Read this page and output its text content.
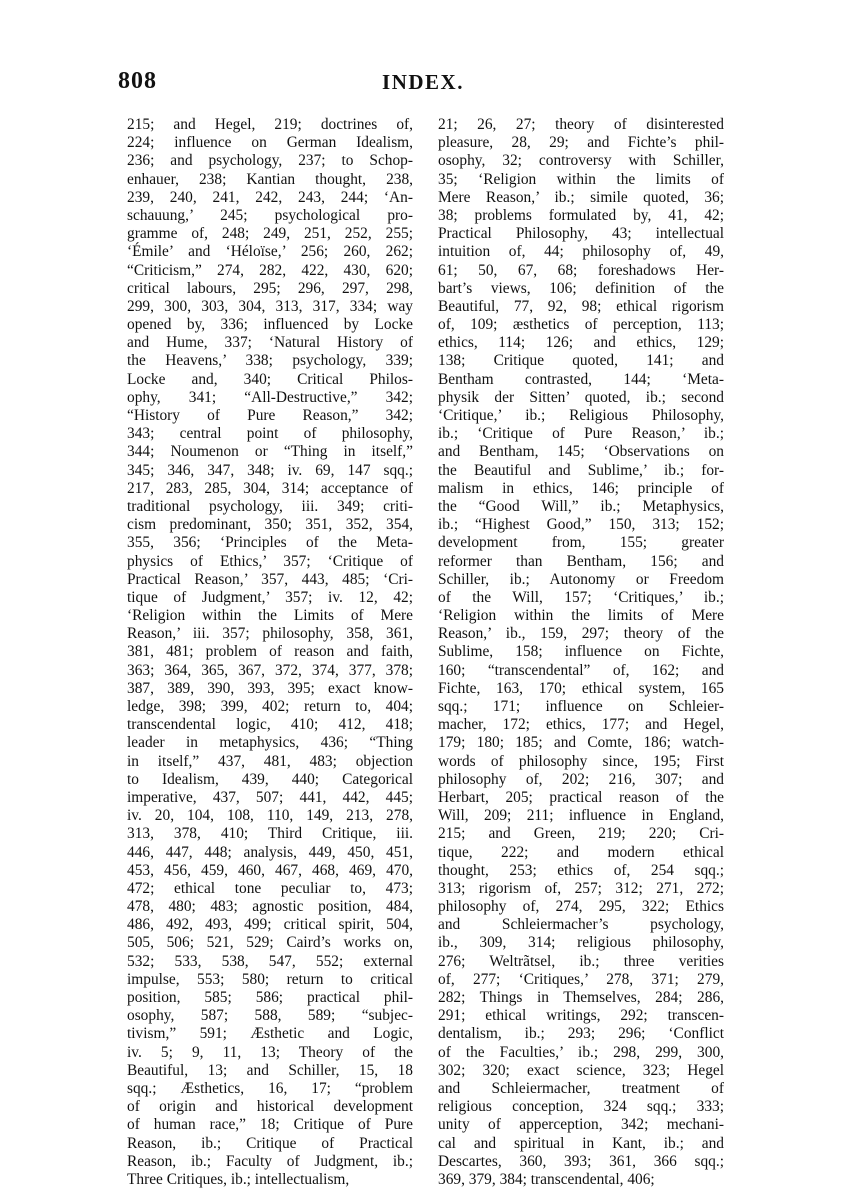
808	INDEX.
215; and Hegel, 219; doctrines of,
224; influence on German Idealism,
236; and psychology, 237; to Schop-
enhauer, 238; Kantian thought, 238,
239, 240, 241, 242, 243, 244; ‘An-
schauung,’ 245; psychological pro-
gramme of, 248; 249, 251, 252, 255;
‘Émile’ and ‘Héloïse,’ 256; 260, 262;
“Criticism,” 274, 282, 422, 430, 620;
critical labours, 295; 296, 297, 298,
299, 300, 303, 304, 313, 317, 334; way
opened by, 336; influenced by Locke
and Hume, 337; ‘Natural History of
the Heavens,’ 338; psychology, 339;
Locke and, 340; Critical Philos-
ophy, 341; “All-Destructive,” 342;
“History of Pure Reason,” 342;
343; central point of philosophy,
344; Noumenon or “Thing in itself,”
345; 346, 347, 348; iv. 69, 147 sqq.;
217, 283, 285, 304, 314; acceptance of
traditional psychology, iii. 349; criti-
cism predominant, 350; 351, 352, 354,
355, 356; ‘Principles of the Meta-
physics of Ethics,’ 357; ‘Critique of
Practical Reason,’ 357, 443, 485; ‘Cri-
tique of Judgment,’ 357; iv. 12, 42;
‘Religion within the Limits of Mere
Reason,’ iii. 357; philosophy, 358, 361,
381, 481; problem of reason and faith,
363; 364, 365, 367, 372, 374, 377, 378;
387, 389, 390, 393, 395; exact know-
ledge, 398; 399, 402; return to, 404;
transcendental logic, 410; 412, 418;
leader in metaphysics, 436; “Thing
in itself,” 437, 481, 483; objection
to Idealism, 439, 440; Categorical
imperative, 437, 507; 441, 442, 445;
iv. 20, 104, 108, 110, 149, 213, 278,
313, 378, 410; Third Critique, iii.
446, 447, 448; analysis, 449, 450, 451,
453, 456, 459, 460, 467, 468, 469, 470,
472; ethical tone peculiar to, 473;
478, 480; 483; agnostic position, 484,
486, 492, 493, 499; critical spirit, 504,
505, 506; 521, 529; Caird’s works on,
532; 533, 538, 547, 552; external
impulse, 553; 580; return to critical
position, 585; 586; practical phil-
osophy, 587; 588, 589; “subjec-
tivism,” 591; Æsthetic and Logic,
iv. 5; 9, 11, 13; Theory of the
Beautiful, 13; and Schiller, 15, 18
sqq.; Æsthetics, 16, 17; “problem
of origin and historical development
of human race,” 18; Critique of Pure
Reason, ib.; Critique of Practical
Reason, ib.; Faculty of Judgment, ib.;
Three Critiques, ib.; intellectualism,
21; 26, 27; theory of disinterested
pleasure, 28, 29; and Fichte’s phil-
osophy, 32; controversy with Schiller,
35; ‘Religion within the limits of
Mere Reason,’ ib.; simile quoted, 36;
38; problems formulated by, 41, 42;
Practical Philosophy, 43; intellectual
intuition of, 44; philosophy of, 49,
61; 50, 67, 68; foreshadows Her-
bart’s views, 106; definition of the
Beautiful, 77, 92, 98; ethical rigorism
of, 109; æsthetics of perception, 113;
ethics, 114; 126; and ethics, 129;
138; Critique quoted, 141; and
Bentham contrasted, 144; ‘Meta-
physik der Sitten’ quoted, ib.; second
‘Critique,’ ib.; Religious Philosophy,
ib.; ‘Critique of Pure Reason,’ ib.;
and Bentham, 145; ‘Observations on
the Beautiful and Sublime,’ ib.; for-
malism in ethics, 146; principle of
the “Good Will,” ib.; Metaphysics,
ib.; “Highest Good,” 150, 313; 152;
development from, 155; greater
reformer than Bentham, 156; and
Schiller, ib.; Autonomy or Freedom
of the Will, 157; ‘Critiques,’ ib.;
‘Religion within the limits of Mere
Reason,’ ib., 159, 297; theory of the
Sublime, 158; influence on Fichte,
160; “transcendental” of, 162; and
Fichte, 163, 170; ethical system, 165
sqq.; 171; influence on Schleier-
macher, 172; ethics, 177; and Hegel,
179; 180; 185; and Comte, 186; watch-
words of philosophy since, 195; First
philosophy of, 202; 216, 307; and
Herbart, 205; practical reason of the
Will, 209; 211; influence in England,
215; and Green, 219; 220; Cri-
tique, 222; and modern ethical
thought, 253; ethics of, 254 sqq.;
313; rigorism of, 257; 312; 271, 272;
philosophy of, 274, 295, 322; Ethics
and Schleiermacher’s psychology,
ib., 309, 314; religious philosophy,
276; Weltrãtsel, ib.; three verities
of, 277; ‘Critiques,’ 278, 371; 279,
282; Things in Themselves, 284; 286,
291; ethical writings, 292; transcen-
dentalism, ib.; 293; 296; ‘Conflict
of the Faculties,’ ib.; 298, 299, 300,
302; 320; exact science, 323; Hegel
and Schleiermacher, treatment of
religious conception, 324 sqq.; 333;
unity of apperception, 342; mechani-
cal and spiritual in Kant, ib.; and
Descartes, 360, 393; 361, 366 sqq.;
369, 379, 384; transcendental, 406;
